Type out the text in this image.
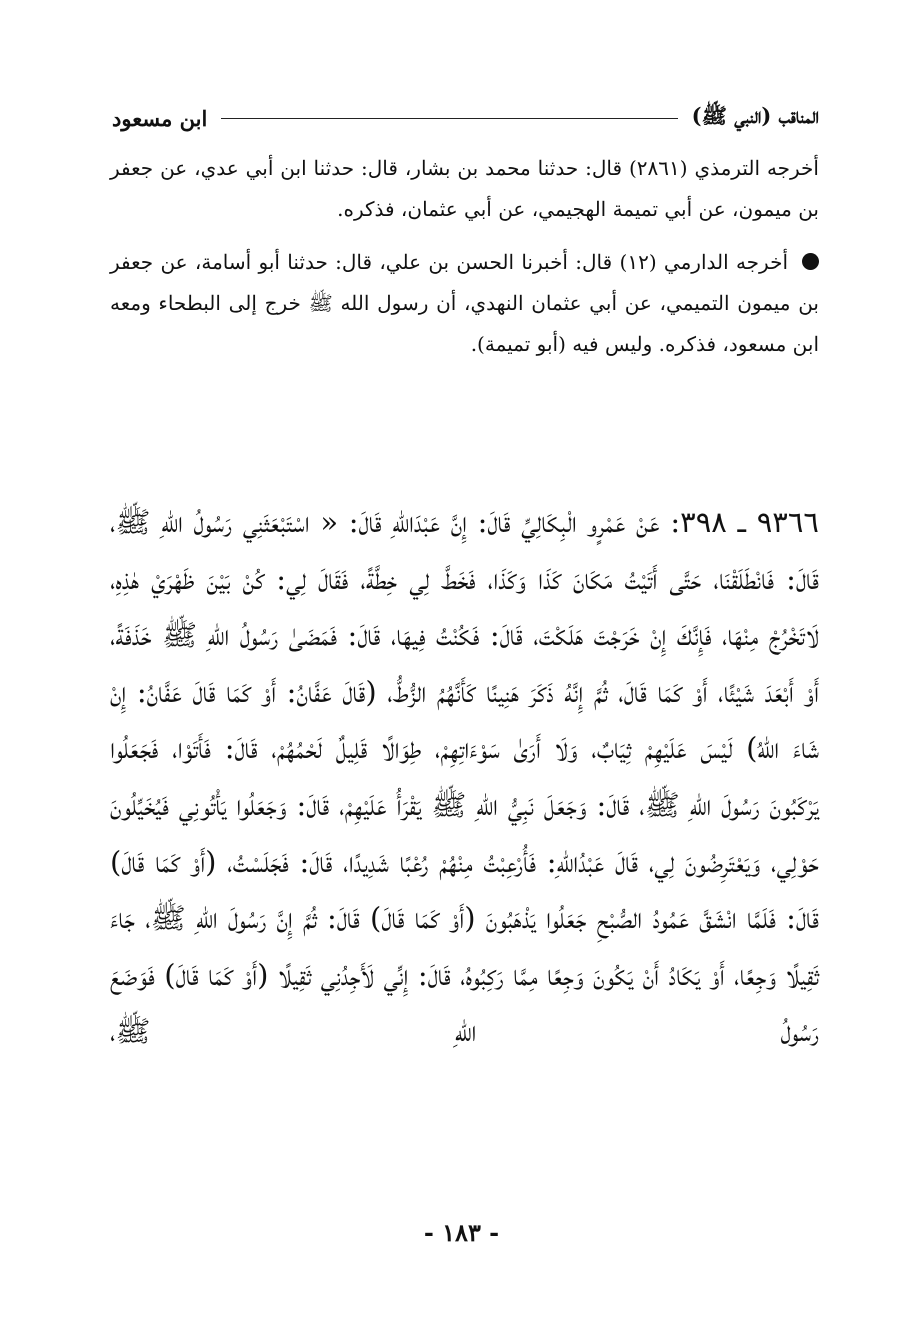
المناقب (النبي ﷺ)
ابن مسعود

أخرجه الترمذي (٢٨٦١) قال: حدثنا محمد بن بشار، قال: حدثنا ابن أبي عدي، عن جعفر بن ميمون، عن أبي تميمة الهجيمي، عن أبي عثمان، فذكره.

أخرجه الدارمي (١٢) قال: أخبرنا الحسن بن علي، قال: حدثنا أبو أسامة، عن جعفر بن ميمون التميمي، عن أبي عثمان النهدي، أن رسول الله ﷺ خرج إلى البطحاء ومعه ابن مسعود، فذكره. وليس فيه (أبو تميمة).

٩٣٦٦ ـ ٣٩٨: عَنْ عَمْرٍو الْبِكَالِيِّ قَالَ: إِنَّ عَبْدَاللهِ قَالَ: « اسْتَبْعَثَنِي رَسُولُ اللهِ ﷺ، قَالَ: فَانْطَلَقْنَا، حَتَّى أَتَيْتُ مَكَانَ كَذَا وَكَذَا، فَخَطَّ لِي خِطَّةً، فَقَالَ لِي: كُنْ بَيْنَ ظَهْرَيْ هٰذِهِ، لَاتَخْرُجْ مِنْهَا، فَإِنَّكَ إِنْ خَرَجْتَ هَلَكْتَ، قَالَ: فَكُنْتُ فِيهَا، قَالَ: فَمَضَىٰ رَسُولُ اللهِ ﷺ خَذَفَةً، أَوْ أَبْعَدَ شَيْئًا، أَوْ كَمَا قَالَ، ثُمَّ إِنَّهُ ذَكَرَ هَنِينًا كَأَنَّهُمُ الزُّطُّ، (قَالَ عَفَّانُ: أَوْ كَمَا قَالَ عَفَّانُ: إِنْ شَاءَ اللهُ) لَيْسَ عَلَيْهِمْ ثِيَابٌ، وَلَا أَرَىٰ سَوْءَاتِهِمْ، طِوَالًا قَلِيلٌ لَحْمُهُمْ، قَالَ: فَأَتَوْا، فَجَعَلُوا يَرْكَبُونَ رَسُولَ اللهِ ﷺ، قَالَ: وَجَعَلَ نَبِيُّ اللهِ ﷺ يَقْرَأُ عَلَيْهِمْ، قَالَ: وَجَعَلُوا يَأْتُونِي فَيُخَيِّلُونَ حَوْلِي، وَيَعْتَرِضُونَ لِي، قَالَ عَبْدُاللهِ: فَأُرْعِبْتُ مِنْهُمْ رُعْبًا شَدِيدًا، قَالَ: فَجَلَسْتُ، (أَوْ كَمَا قَالَ) قَالَ: فَلَمَّا انْشَقَّ عَمُودُ الصُّبْحِ جَعَلُوا يَذْهَبُونَ (أَوْ كَمَا قَالَ) قَالَ: ثُمَّ إِنَّ رَسُولَ اللهِ ﷺ، جَاءَ ثَقِيلًا وَجِعًا، أَوْ يَكَادُ أَنْ يَكُونَ وَجِعًا مِمَّا رَكِبُوهُ، قَالَ: إِنِّي لَأَجِدُنِي ثَقِيلًا (أَوْ كَمَا قَالَ) فَوَضَعَ رَسُولُ اللهِ ﷺ،

- ١٨٣ -
